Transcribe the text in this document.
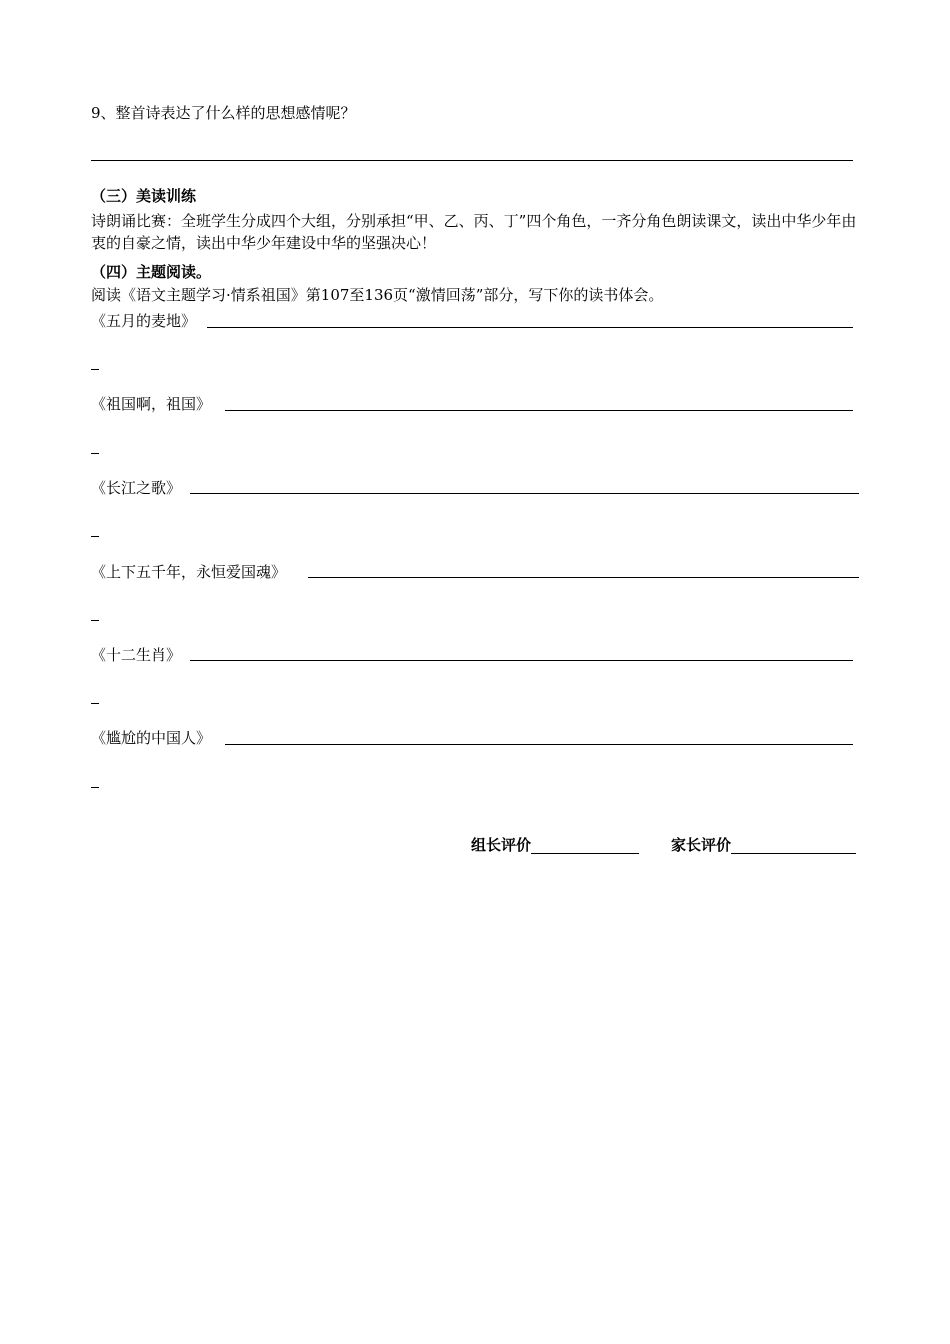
9、整首诗表达了什么样的思想感情呢？
（三）美读训练
诗朗诵比赛：全班学生分成四个大组，分别承担“甲、乙、丙、丁”四个角色，一齐分角色朗读课文，读出中华少年由衷的自豪之情，读出中华少年建设中华的坚强决心！
（四）主题阅读。
阅读《语文主题学习·情系祖国》第107至136页“激情回荡”部分，写下你的读书体会。
《五月的麦地》
《祖国啊，祖国》
《长江之歌》
《上下五千年，永恒爱国魂》
《十二生肖》
《尴尬的中国人》
组长评价	家长评价
